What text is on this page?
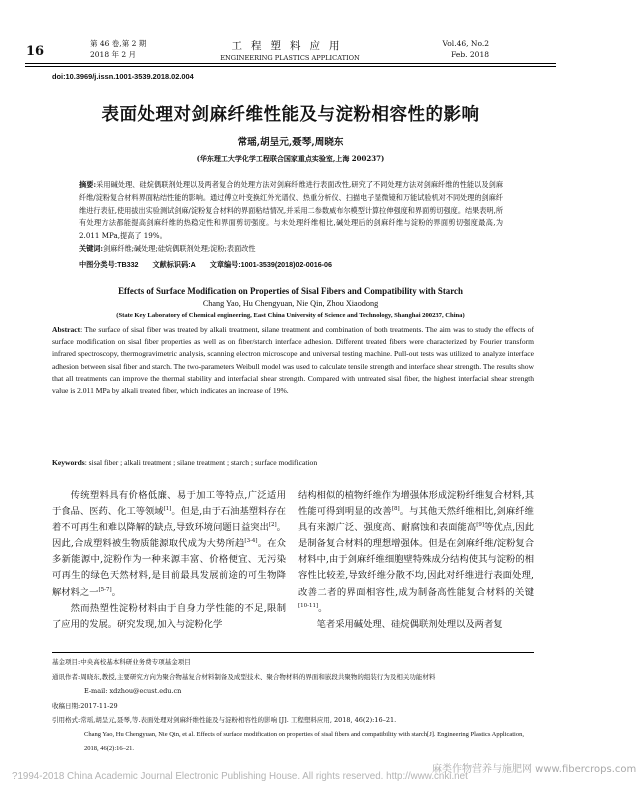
16
第 46 卷,第 2 期
2018 年 2 月
工程塑料应用
ENGINEERING PLASTICS APPLICATION
Vol.46, No.2
Feb. 2018
doi:10.3969/j.issn.1001-3539.2018.02.004
表面处理对剑麻纤维性能及与淀粉相容性的影响
常瑶,胡呈元,聂琴,周晓东
(华东理工大学化学工程联合国家重点实验室,上海 200237)
摘要:采用碱处理、硅烷偶联剂处理以及两者复合的处理方法对剑麻纤维进行表面改性,研究了不同处理方法对剑麻纤维的性能以及剑麻纤维/淀粉复合材料界面粘结性能的影响。通过傅立叶变换红外光谱仪、热重分析仪、扫描电子显微镜和万能试验机对不同处理的剑麻纤维进行表征,使用拔出实验测试剑麻/淀粉复合材料的界面粘结情况,并采用二参数威布尔模型计算拉伸强度和界面剪切强度。结果表明,所有处理方法都能提高剑麻纤维的热稳定性和界面剪切强度。与未处理纤维相比,碱处理后的剑麻纤维与淀粉的界面剪切强度最高,为 2.011 MPa,提高了 19%。
关键词:剑麻纤维;碱处理;硅烷偶联剂处理;淀粉;表面改性
中图分类号:TB332 文献标识码:A 文章编号:1001-3539(2018)02-0016-06
Effects of Surface Modification on Properties of Sisal Fibers and Compatibility with Starch
Chang Yao, Hu Chengyuan, Nie Qin, Zhou Xiaodong
(State Key Laboratory of Chemical engineering, East China University of Science and Technology, Shanghai 200237, China)
Abstract: The surface of sisal fiber was treated by alkali treatment, silane treatment and combination of both treatments. The aim was to study the effects of surface modification on sisal fiber properties as well as on fiber/starch interface adhesion. Different treated fibers were characterized by Fourier transform infrared spectroscopy, thermogravimetric analysis, scanning electron microscope and universal testing machine. Pull-out tests was utilized to analyze interface adhesion between sisal fiber and starch. The two-parameters Weibull model was used to calculate tensile strength and interface shear strength. The results show that all treatments can improve the thermal stability and interfacial shear strength. Compared with untreated sisal fiber, the highest interfacial shear strength value is 2.011 MPa by alkali treated fiber, which indicates an increase of 19%.
Keywords: sisal fiber ; alkali treatment ; silane treatment ; starch ; surface modification

传统塑料具有价格低廉、易于加工等特点,广泛适用于食品、医药、化工等领域[1]。但是,由于石油基塑料存在着不可再生和难以降解的缺点,导致环境问题日益突出[2]。因此,合成塑料被生物质能源取代成为大势所趋[3-4]。在众多新能源中,淀粉作为一种来源丰富、价格便宜、无污染可再生的绿色天然材料,是目前最具发展前途的可生物降解材料之一[5-7]。

然而热塑性淀粉材料由于自身力学性能的不足,限制了应用的发展。研究发现,加入与淀粉化学

结构相似的植物纤维作为增强体形成淀粉纤维复合材料,其性能可得到明显的改善[8]。与其他天然纤维相比,剑麻纤维具有来源广泛、强度高、耐腐蚀和表面能高[9]等优点,因此是制备复合材料的理想增强体。但是在剑麻纤维/淀粉复合材料中,由于剑麻纤维细胞壁特殊成分结构使其与淀粉的相容性比较差,导致纤维分散不均,因此对纤维进行表面处理,改善二者的界面相容性,成为制备高性能复合材料的关键[10-11]。

笔者采用碱处理、硅烷偶联剂处理以及两者复

基金项目:中央高校基本科研业务费专项基金项目
通讯作者:周晓东,教授,主要研究方向为聚合物基复合材料制备及成型技术、聚合物材料的界面和嵌段共聚物的组装行为及相关功能材料
E-mail: xdzhou@ecust.edu.cn
收稿日期:2017-11-29
引用格式:常瑶,胡呈元,聂琴,等.表面处理对剑麻纤维性能及与淀粉相容性的影响 [J]. 工程塑料应用, 2018, 46(2):16–21.
Chang Yao, Hu Chengyuan, Nie Qin, et al. Effects of surface modification on properties of sisal fibers and compatibility with starch[J]. Engineering Plastics Application, 2018, 46(2):16–21.
麻类作物营养与施肥网 www.fibercrops.com
?1994-2018 China Academic Journal Electronic Publishing House. All rights reserved. http://www.cnki.net
